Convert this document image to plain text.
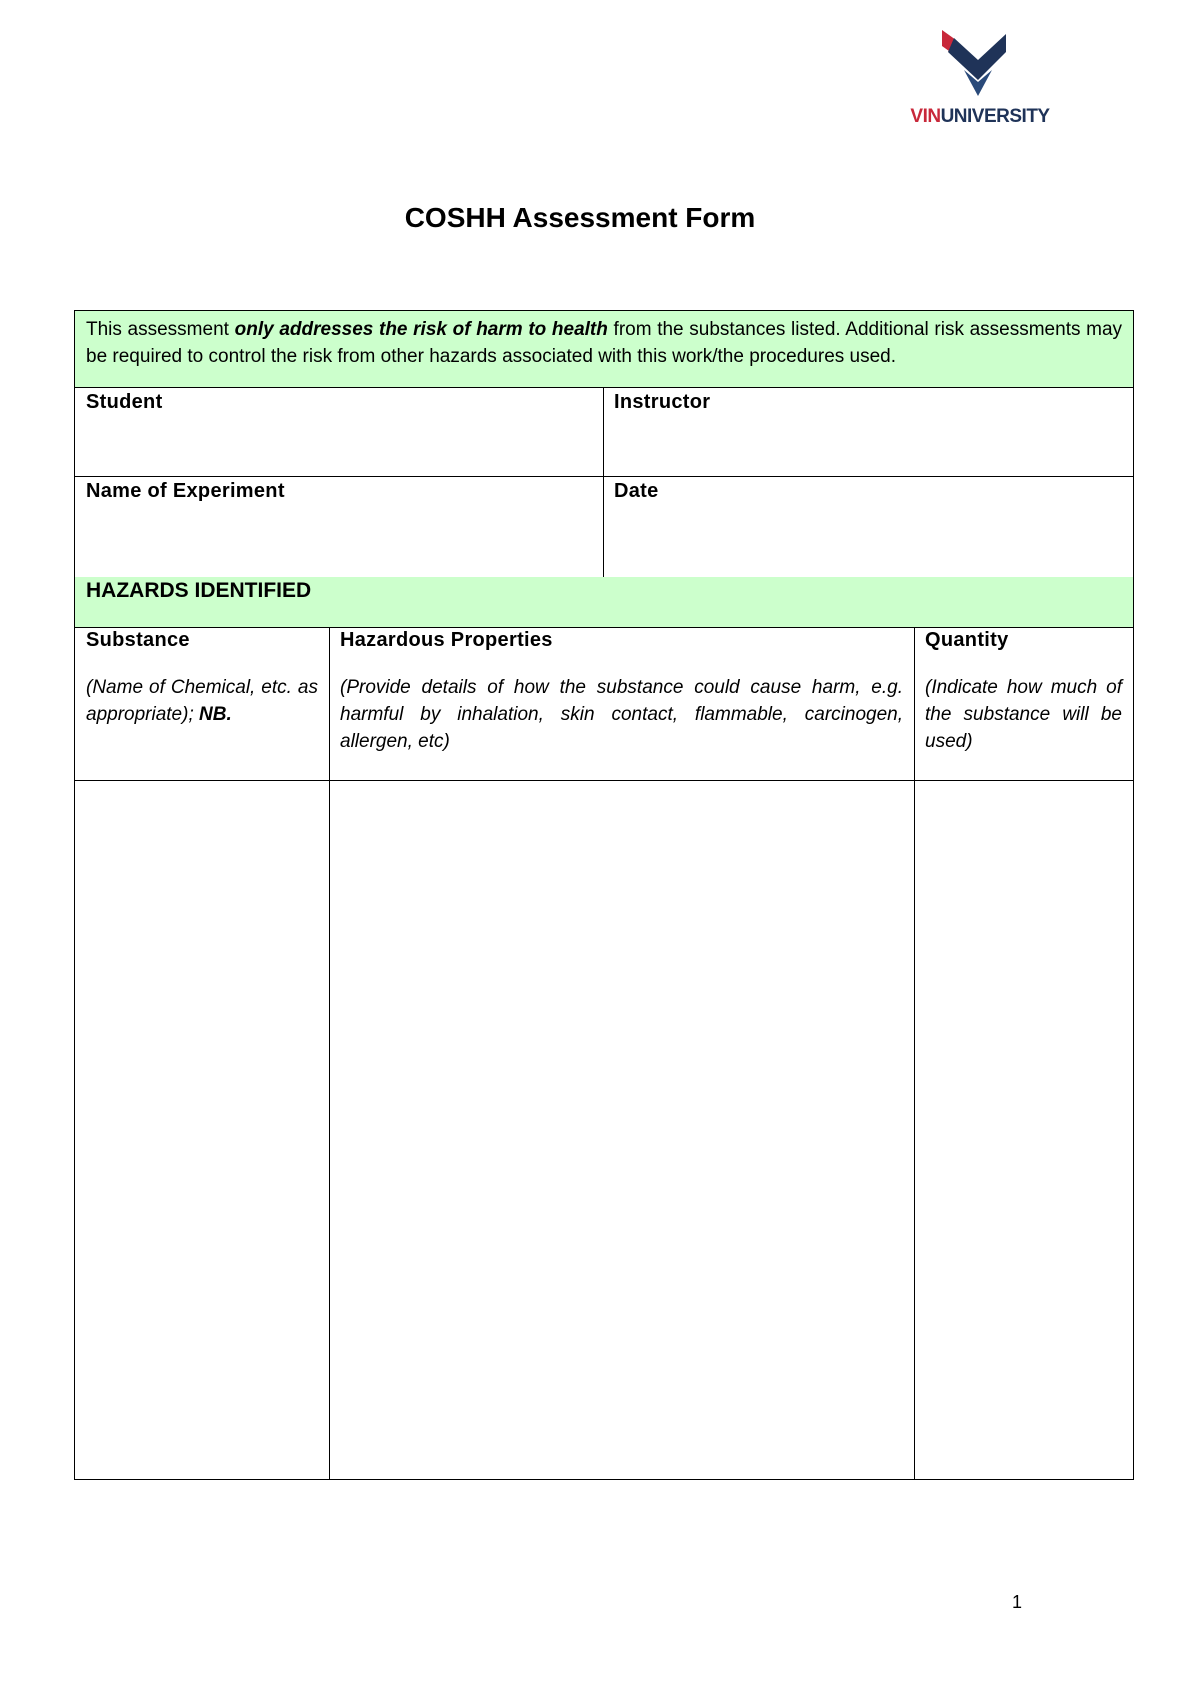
VINUNIVERSITY
COSHH Assessment Form
This assessment only addresses the risk of harm to health from the substances listed. Additional risk assessments may be required to control the risk from other hazards associated with this work/the procedures used.
Student	Instructor
Name of Experiment	Date
HAZARDS IDENTIFIED
Substance
(Name of Chemical, etc. as appropriate); NB.
Hazardous Properties
(Provide details of how the substance could cause harm, e.g. harmful by inhalation, skin contact, flammable, carcinogen, allergen, etc)
Quantity
(Indicate how much of the substance will be used)
1
